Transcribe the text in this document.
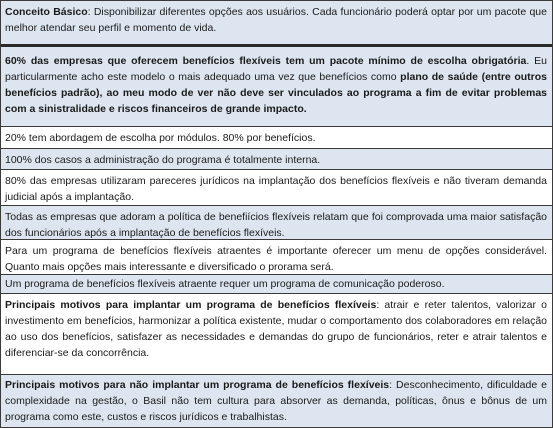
Conceito Básico: Disponibilizar diferentes opções aos usuários. Cada funcionário poderá optar por um pacote que melhor atendar seu perfil e momento de vida.
60% das empresas que oferecem benefícios flexíveis tem um pacote mínimo de escolha obrigatória. Eu particularmente acho este modelo o mais adequado uma vez que benefícios como plano de saúde (entre outros benefícios padrão), ao meu modo de ver não deve ser vinculados ao programa a fim de evitar problemas com a sinistralidade e riscos financeiros de grande impacto.
20% tem abordagem de escolha por módulos. 80% por benefícios.
100% dos casos a administração do programa é totalmente interna.
80% das empresas utilizaram pareceres jurídicos na implantação dos benefícios flexíveis e não tiveram demanda judicial após a implantação.
Todas as empresas que adoram a política de benefiícios flexíveis relatam que foi comprovada uma maior satisfação dos funcionários após a implantação de benefícios flexíveis.
Para um programa de benefícios flexíveis atraentes é importante oferecer um menu de opções considerável. Quanto mais opções mais interessante e diversificado o prorama será.
Um programa de benefícios flexíveis atraente requer um programa de comunicação poderoso.
Principais motivos para implantar um programa de benefícios flexíveis: atrair e reter talentos, valorizar o investimento em benefícios, harmonizar a política existente, mudar o comportamento dos colaboradores em relação ao uso dos benefícios, satisfazer as necessidades e demandas do grupo de funcionários, reter e atrair talentos e diferenciar-se da concorrência.
Principais motivos para não implantar um programa de benefícios flexíveis: Desconhecimento, dificuldade e complexidade na gestão, o Basil não tem cultura para absorver as demanda, políticas, ônus e bônus de um programa como este, custos e riscos jurídicos e trabalhistas.
